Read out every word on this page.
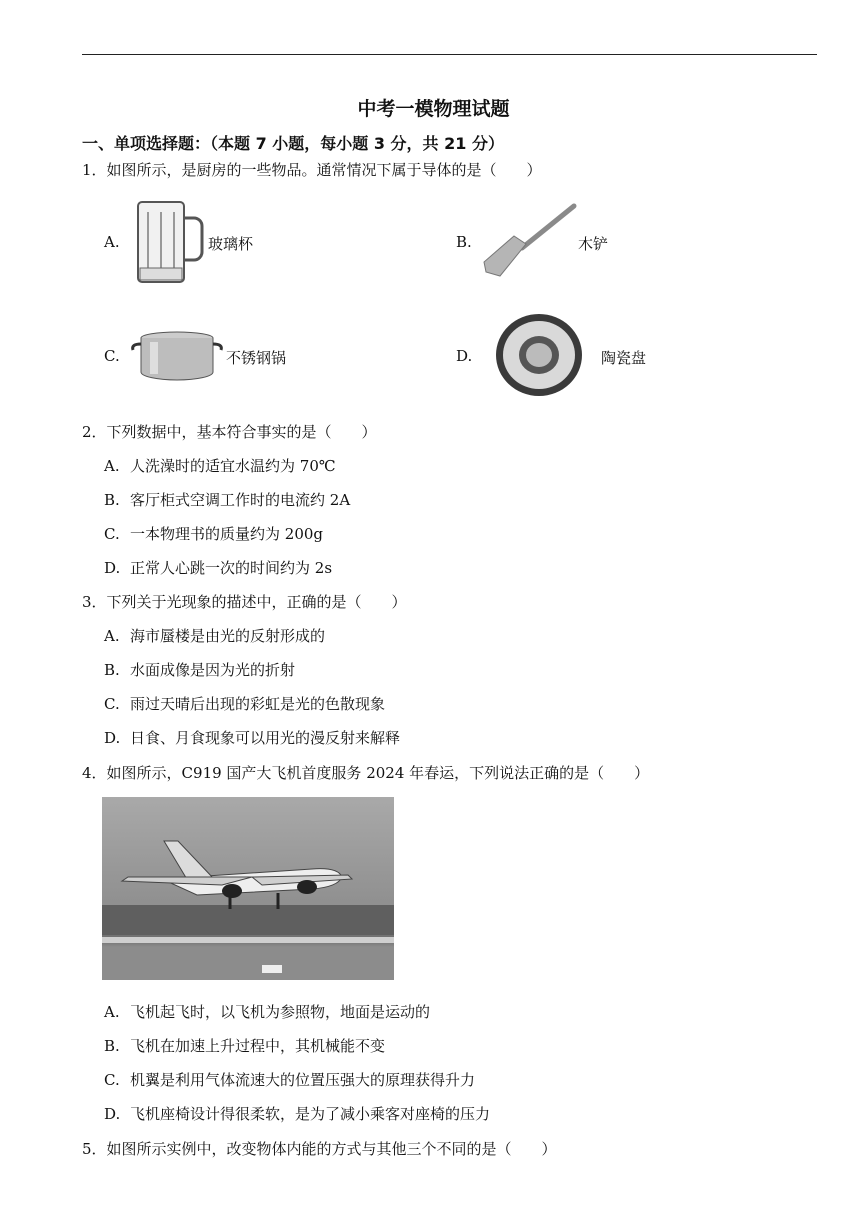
中考一模物理试题
一、单项选择题：（本题 7 小题，每小题 3 分，共 21 分）
1．如图所示，是厨房的一些物品。通常情况下属于导体的是（　　）
A.	玻璃杯	B.	木铲
C.	不锈钢锅	D.	陶瓷盘
2．下列数据中，基本符合事实的是（　　）
A. 人洗澡时的适宜水温约为 70℃
B. 客厅柜式空调工作时的电流约 2A
C. 一本物理书的质量约为 200g
D. 正常人心跳一次的时间约为 2s
3．下列关于光现象的描述中，正确的是（　　）
A. 海市蜃楼是由光的反射形成的
B. 水面成像是因为光的折射
C. 雨过天晴后出现的彩虹是光的色散现象
D. 日食、月食现象可以用光的漫反射来解释
4．如图所示，C919 国产大飞机首度服务 2024 年春运，下列说法正确的是（　　）
A. 飞机起飞时，以飞机为参照物，地面是运动的
B. 飞机在加速上升过程中，其机械能不变
C. 机翼是利用气体流速大的位置压强大的原理获得升力
D. 飞机座椅设计得很柔软，是为了减小乘客对座椅的压力
5．如图所示实例中，改变物体内能的方式与其他三个不同的是（　　）
